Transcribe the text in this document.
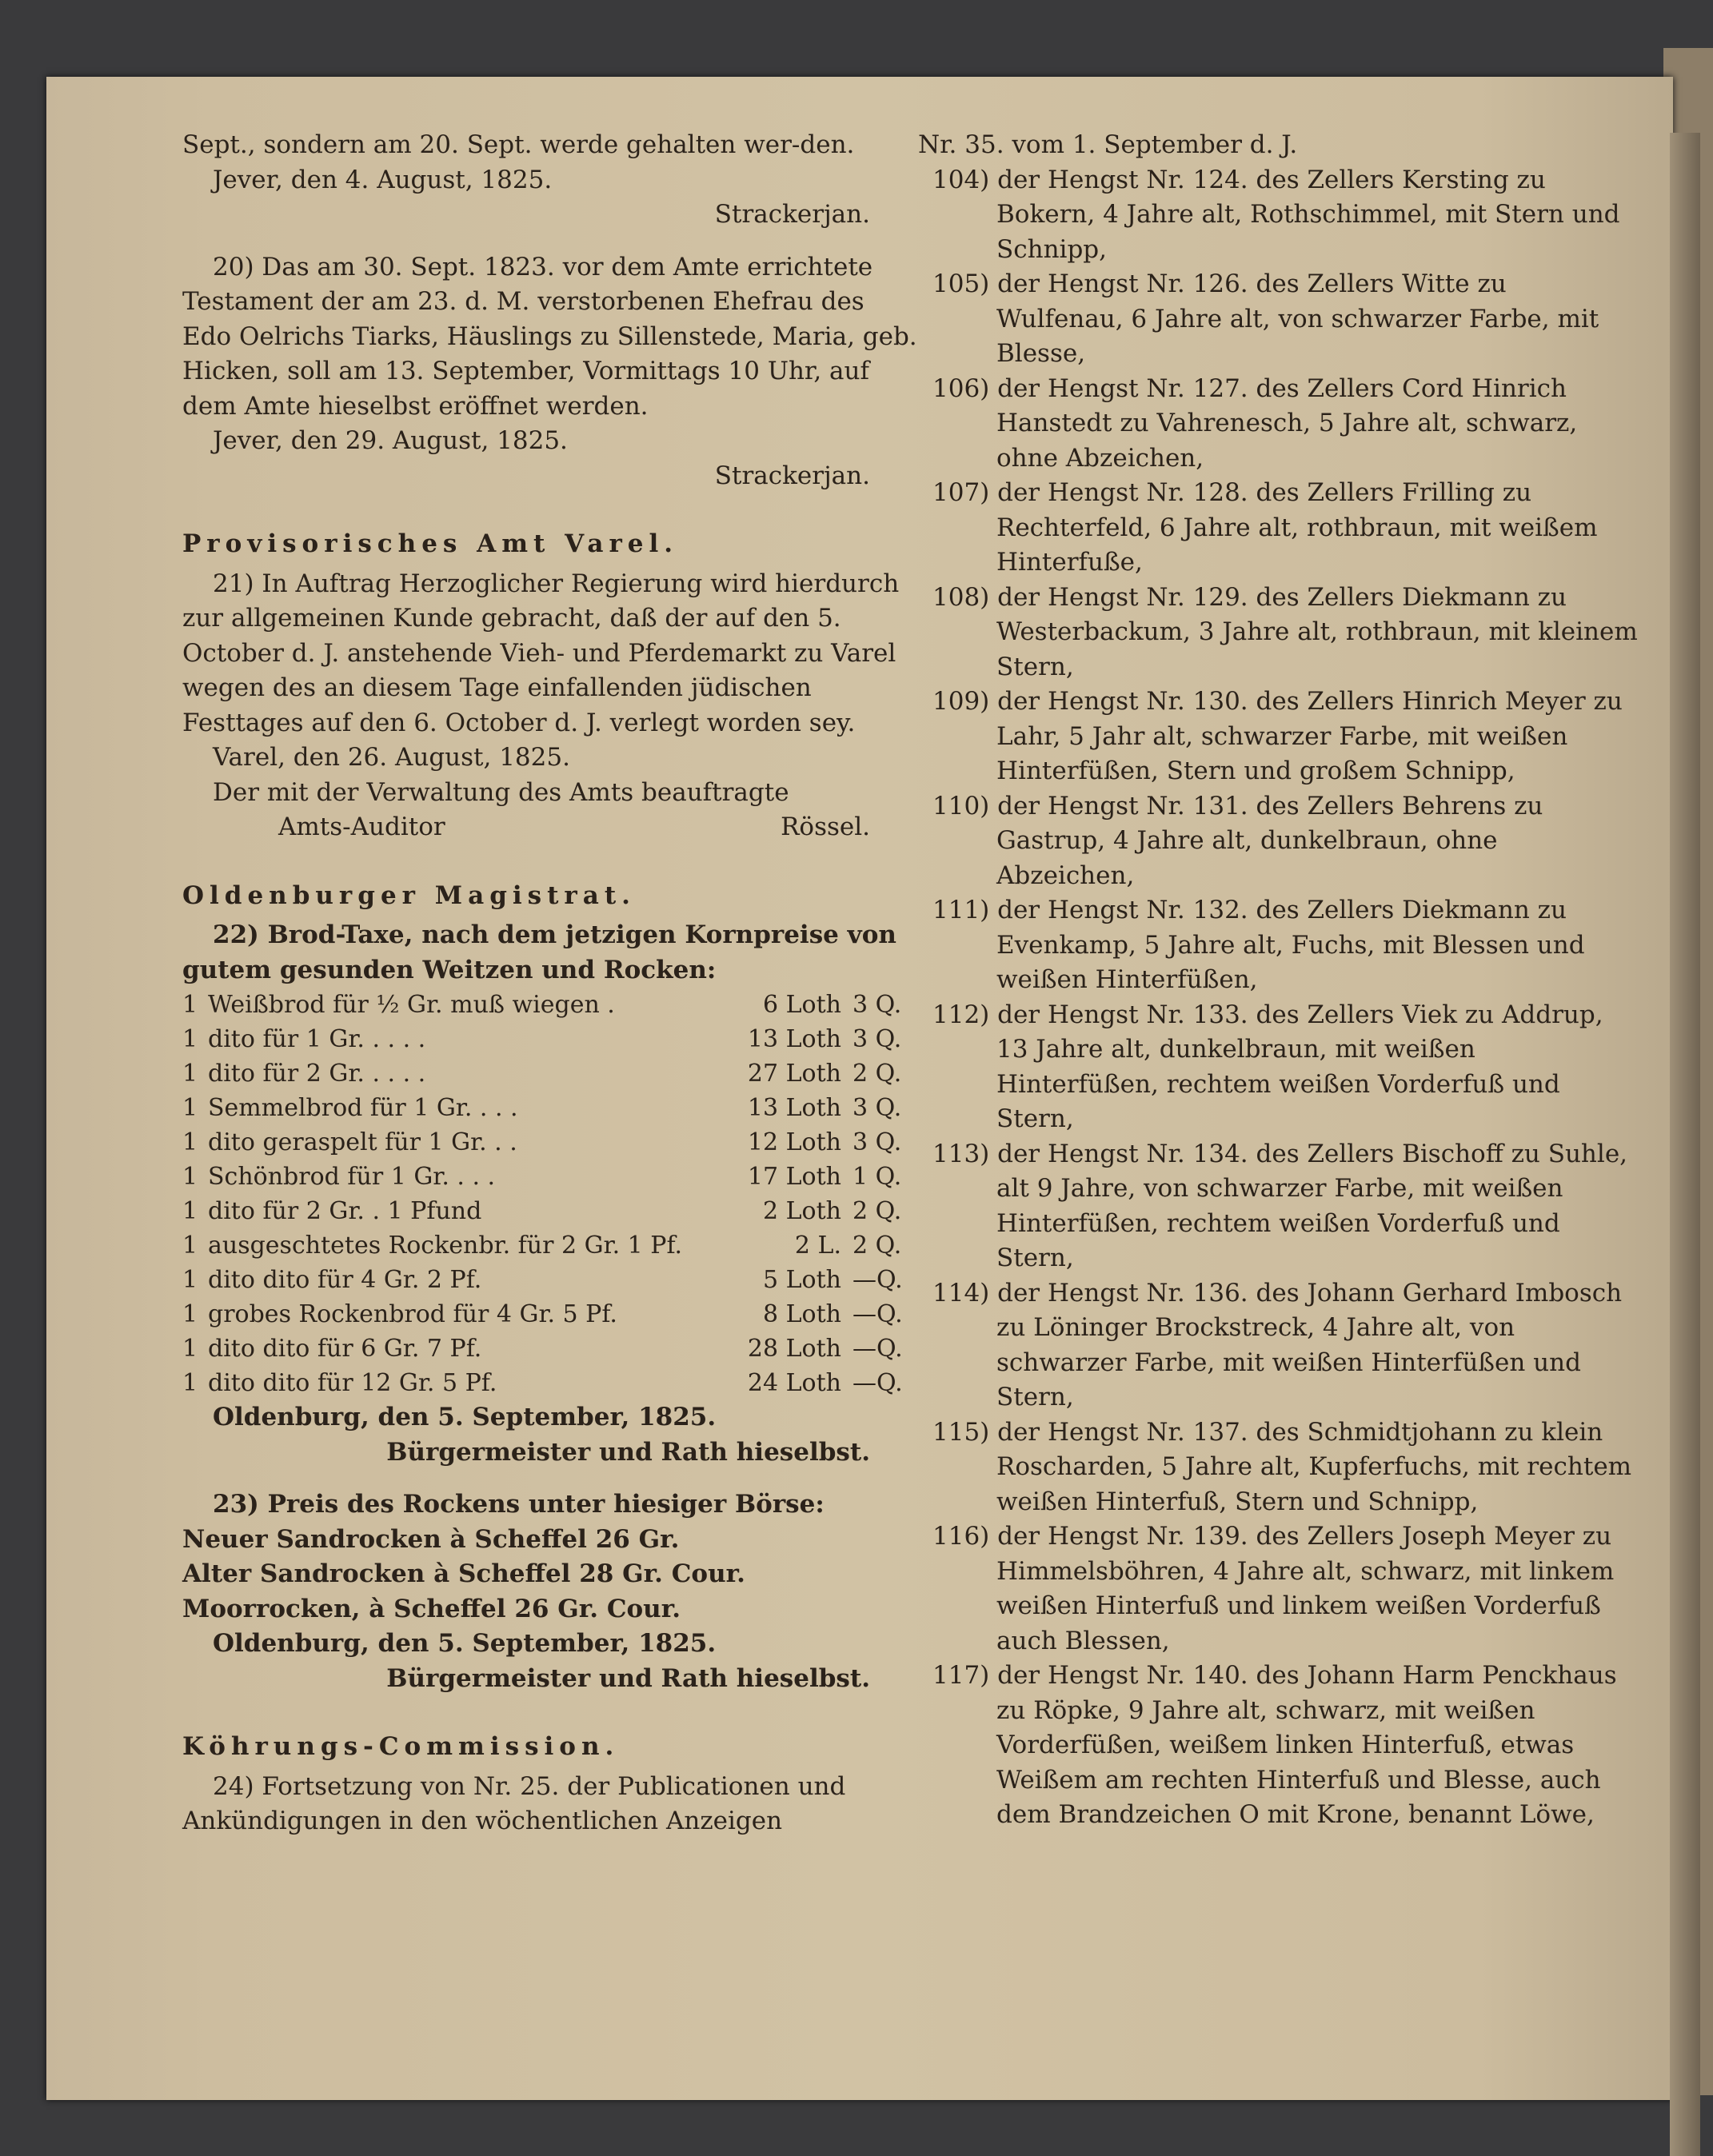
Sept., sondern am 20. Sept. werde gehalten wer-den.

Jever, den 4. August, 1825.

Strackerjan.

20) Das am 30. Sept. 1823. vor dem Amte errichtete Testament der am 23. d. M. verstorbenen Ehefrau des Edo Oelrichs Tiarks, Häuslings zu Sillenstede, Maria, geb. Hicken, soll am 13. September, Vormittags 10 Uhr, auf dem Amte hieselbst eröffnet werden.

Jever, den 29. August, 1825.

Strackerjan.

Provisorisches Amt Varel.

21) In Auftrag Herzoglicher Regierung wird hierdurch zur allgemeinen Kunde gebracht, daß der auf den 5. October d. J. anstehende Vieh- und Pferdemarkt zu Varel wegen des an diesem Tage einfallenden jüdischen Festtages auf den 6. October d. J. verlegt worden sey.

Varel, den 26. August, 1825.

Der mit der Verwaltung des Amts beauftragte

Amts-Auditor	Rössel.

Oldenburger Magistrat.

22) Brod-Taxe, nach dem jetzigen Kornpreise von gutem gesunden Weitzen und Rocken:

1	Weißbrod für ½ Gr. muß wiegen .	6 Loth	3 Q.
1	dito für 1 Gr. . . . .	13 Loth	3 Q.
1	dito für 2 Gr. . . . .	27 Loth	2 Q.
1	Semmelbrod für 1 Gr. . . .	13 Loth	3 Q.
1	dito geraspelt für 1 Gr. . .	12 Loth	3 Q.
1	Schönbrod für 1 Gr. . . .	17 Loth	1 Q.
1	dito für 2 Gr. . 1 Pfund	2 Loth	2 Q.
1	ausgeschtetes Rockenbr. für 2 Gr. 1 Pf.	2 L.	2 Q.
1	dito dito für 4 Gr. 2 Pf.	5 Loth	—Q.
1	grobes Rockenbrod für 4 Gr. 5 Pf.	8 Loth	—Q.
1	dito dito für 6 Gr. 7 Pf.	28 Loth	—Q.
1	dito dito für 12 Gr. 5 Pf.	24 Loth	—Q.

Oldenburg, den 5. September, 1825.

Bürgermeister und Rath hieselbst.

23) Preis des Rockens unter hiesiger Börse:

Neuer Sandrocken à Scheffel 26 Gr.

Alter Sandrocken à Scheffel 28 Gr. Cour.

Moorrocken, à Scheffel 26 Gr. Cour.

Oldenburg, den 5. September, 1825.

Bürgermeister und Rath hieselbst.

Köhrungs-Commission.

24) Fortsetzung von Nr. 25. der Publicationen und Ankündigungen in den wöchentlichen Anzeigen

Nr. 35. vom 1. September d. J.

104) der Hengst Nr. 124. des Zellers Kersting zu Bokern, 4 Jahre alt, Rothschimmel, mit Stern und Schnipp,

105) der Hengst Nr. 126. des Zellers Witte zu Wulfenau, 6 Jahre alt, von schwarzer Farbe, mit Blesse,

106) der Hengst Nr. 127. des Zellers Cord Hinrich Hanstedt zu Vahrenesch, 5 Jahre alt, schwarz, ohne Abzeichen,

107) der Hengst Nr. 128. des Zellers Frilling zu Rechterfeld, 6 Jahre alt, rothbraun, mit weißem Hinterfuße,

108) der Hengst Nr. 129. des Zellers Diekmann zu Westerbackum, 3 Jahre alt, rothbraun, mit kleinem Stern,

109) der Hengst Nr. 130. des Zellers Hinrich Meyer zu Lahr, 5 Jahr alt, schwarzer Farbe, mit weißen Hinterfüßen, Stern und großem Schnipp,

110) der Hengst Nr. 131. des Zellers Behrens zu Gastrup, 4 Jahre alt, dunkelbraun, ohne Abzeichen,

111) der Hengst Nr. 132. des Zellers Diekmann zu Evenkamp, 5 Jahre alt, Fuchs, mit Blessen und weißen Hinterfüßen,

112) der Hengst Nr. 133. des Zellers Viek zu Addrup, 13 Jahre alt, dunkelbraun, mit weißen Hinterfüßen, rechtem weißen Vorderfuß und Stern,

113) der Hengst Nr. 134. des Zellers Bischoff zu Suhle, alt 9 Jahre, von schwarzer Farbe, mit weißen Hinterfüßen, rechtem weißen Vorderfuß und Stern,

114) der Hengst Nr. 136. des Johann Gerhard Imbosch zu Löninger Brockstreck, 4 Jahre alt, von schwarzer Farbe, mit weißen Hinterfüßen und Stern,

115) der Hengst Nr. 137. des Schmidtjohann zu klein Roscharden, 5 Jahre alt, Kupferfuchs, mit rechtem weißen Hinterfuß, Stern und Schnipp,

116) der Hengst Nr. 139. des Zellers Joseph Meyer zu Himmelsböhren, 4 Jahre alt, schwarz, mit linkem weißen Hinterfuß und linkem weißen Vorderfuß auch Blessen,

117) der Hengst Nr. 140. des Johann Harm Penckhaus zu Röpke, 9 Jahre alt, schwarz, mit weißen Vorderfüßen, weißem linken Hinterfuß, etwas Weißem am rechten Hinterfuß und Blesse, auch dem Brandzeichen O mit Krone, benannt Löwe,
